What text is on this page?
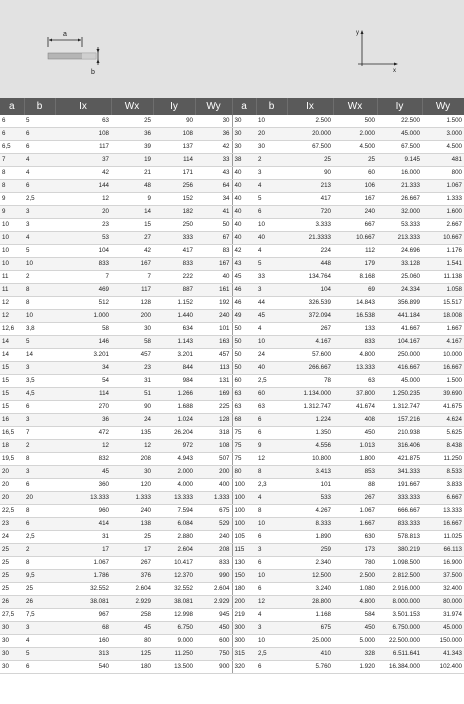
a
b
y
x
a	b	Ix	Wx	Iy	Wy	a	b	Ix	Wx	Iy	Wy
6	5	63	25	90	30	30	10	2.500	500	22.500	1.500
6	6	108	36	108	36	30	20	20.000	2.000	45.000	3.000
6,5	6	117	39	137	42	30	30	67.500	4.500	67.500	4.500
7	4	37	19	114	33	38	2	25	25	9.145	481
8	4	42	21	171	43	40	3	90	60	16.000	800
8	6	144	48	256	64	40	4	213	106	21.333	1.067
9	2,5	12	9	152	34	40	5	417	167	26.667	1.333
9	3	20	14	182	41	40	6	720	240	32.000	1.600
10	3	23	15	250	50	40	10	3.333	667	53.333	2.667
10	4	53	27	333	67	40	40	21.3333	10.667	213.333	10.667
10	5	104	42	417	83	42	4	224	112	24.696	1.176
10	10	833	167	833	167	43	5	448	179	33.128	1.541
11	2	7	7	222	40	45	33	134.764	8.168	25.060	11.138
11	8	469	117	887	161	46	3	104	69	24.334	1.058
12	8	512	128	1.152	192	46	44	326.539	14.843	356.899	15.517
12	10	1.000	200	1.440	240	49	45	372.094	16.538	441.184	18.008
12,6	3,8	58	30	634	101	50	4	267	133	41.667	1.667
14	5	146	58	1.143	163	50	10	4.167	833	104.167	4.167
14	14	3.201	457	3.201	457	50	24	57.600	4.800	250.000	10.000
15	3	34	23	844	113	50	40	266.667	13.333	416.667	16.667
15	3,5	54	31	984	131	60	2,5	78	63	45.000	1.500
15	4,5	114	51	1.266	169	63	60	1.134.000	37.800	1.250.235	39.690
15	6	270	90	1.688	225	63	63	1.312.747	41.674	1.312.747	41.675
16	3	36	24	1.024	128	68	6	1.224	408	157.216	4.624
16,5	7	472	135	26.204	318	75	6	1.350	450	210.938	5.625
18	2	12	12	972	108	75	9	4.556	1.013	316.406	8.438
19,5	8	832	208	4.943	507	75	12	10.800	1.800	421.875	11.250
20	3	45	30	2.000	200	80	8	3.413	853	341.333	8.533
20	6	360	120	4.000	400	100	2,3	101	88	191.667	3.833
20	20	13.333	1.333	13.333	1.333	100	4	533	267	333.333	6.667
22,5	8	960	240	7.594	675	100	8	4.267	1.067	666.667	13.333
23	6	414	138	6.084	529	100	10	8.333	1.667	833.333	16.667
24	2,5	31	25	2.880	240	105	6	1.890	630	578.813	11.025
25	2	17	17	2.604	208	115	3	259	173	380.219	66.113
25	8	1.067	267	10.417	833	130	6	2.340	780	1.098.500	16.900
25	9,5	1.786	376	12.370	990	150	10	12.500	2.500	2.812.500	37.500
25	25	32.552	2.604	32.552	2.604	180	6	3.240	1.080	2.916.000	32.400
26	26	38.081	2.929	38.081	2.929	200	12	28.800	4.800	8.000.000	80.000
27,5	7,5	967	258	12.998	945	219	4	1.168	584	3.501.153	31.974
30	3	68	45	6.750	450	300	3	675	450	6.750.000	45.000
30	4	160	80	9.000	600	300	10	25.000	5.000	22.500.000	150.000
30	5	313	125	11.250	750	315	2,5	410	328	6.511.641	41.343
30	6	540	180	13.500	900	320	6	5.760	1.920	16.384.000	102.400
